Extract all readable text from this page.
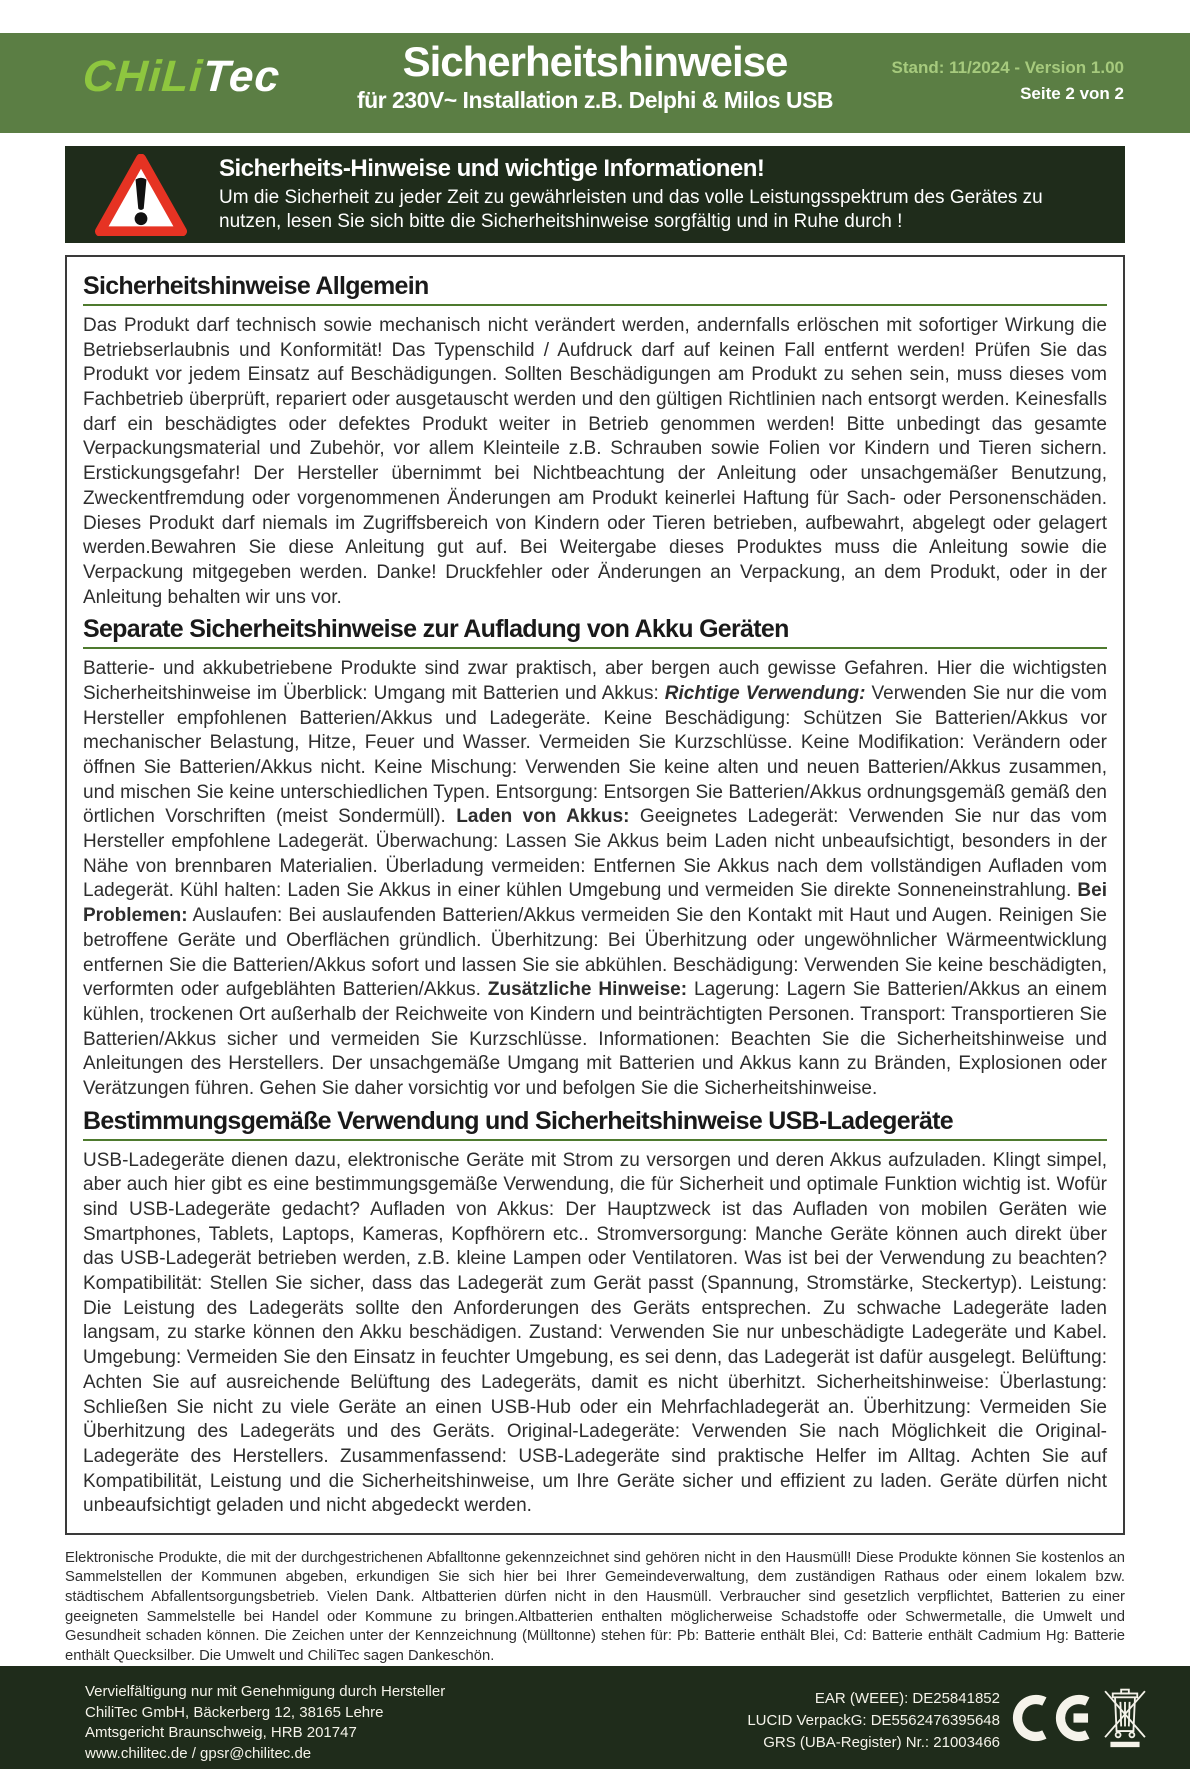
CHiLiTec	Sicherheitshinweise
für 230V~ Installation z.B. Delphi & Milos USB
Stand: 11/2024 - Version 1.00
Seite 2 von 2

Sicherheits-Hinweise und wichtige Informationen!

Um die Sicherheit zu jeder Zeit zu gewährleisten und das volle Leistungsspektrum des Gerätes zu nutzen, lesen Sie sich bitte die Sicherheitshinweise sorgfältig und in Ruhe durch !

Sicherheitshinweise Allgemein

Das Produkt darf technisch sowie mechanisch nicht verändert werden, andernfalls erlöschen mit sofortiger Wirkung die Betriebserlaubnis und Konformität! Das Typenschild / Aufdruck darf auf keinen Fall entfernt werden! Prüfen Sie das Produkt vor jedem Einsatz auf Beschädigungen. Sollten Beschädigungen am Produkt zu sehen sein, muss dieses vom Fachbetrieb überprüft, repariert oder ausgetauscht werden und den gültigen Richtlinien nach entsorgt werden. Keinesfalls darf ein beschädigtes oder defektes Produkt weiter in Betrieb genommen werden! Bitte unbedingt das gesamte Verpackungsmaterial und Zubehör, vor allem Kleinteile z.B. Schrauben sowie Folien vor Kindern und Tieren sichern. Erstickungsgefahr! Der Hersteller übernimmt bei Nichtbeachtung der Anleitung oder unsachgemäßer Benutzung, Zweckentfremdung oder vorgenommenen Änderungen am Produkt keinerlei Haftung für Sach- oder Personenschäden. Dieses Produkt darf niemals im Zugriffsbereich von Kindern oder Tieren betrieben, aufbewahrt, abgelegt oder gelagert werden.Bewahren Sie diese Anleitung gut auf. Bei Weitergabe dieses Produktes muss die Anleitung sowie die Verpackung mitgegeben werden. Danke! Druckfehler oder Änderungen an Verpackung, an dem Produkt, oder in der Anleitung behalten wir uns vor.

Separate Sicherheitshinweise zur Aufladung von Akku Geräten

Batterie- und akkubetriebene Produkte sind zwar praktisch, aber bergen auch gewisse Gefahren. Hier die wichtigsten Sicherheitshinweise im Überblick: Umgang mit Batterien und Akkus: Richtige Verwendung: Verwenden Sie nur die vom Hersteller empfohlenen Batterien/Akkus und Ladegeräte. Keine Beschädigung: Schützen Sie Batterien/Akkus vor mechanischer Belastung, Hitze, Feuer und Wasser. Vermeiden Sie Kurzschlüsse. Keine Modifikation: Verändern oder öffnen Sie Batterien/Akkus nicht. Keine Mischung: Verwenden Sie keine alten und neuen Batterien/Akkus zusammen, und mischen Sie keine unterschiedlichen Typen. Entsorgung: Entsorgen Sie Batterien/Akkus ordnungsgemäß gemäß den örtlichen Vorschriften (meist Sondermüll). Laden von Akkus: Geeignetes Ladegerät: Verwenden Sie nur das vom Hersteller empfohlene Ladegerät. Überwachung: Lassen Sie Akkus beim Laden nicht unbeaufsichtigt, besonders in der Nähe von brennbaren Materialien. Überladung vermeiden: Entfernen Sie Akkus nach dem vollständigen Aufladen vom Ladegerät. Kühl halten: Laden Sie Akkus in einer kühlen Umgebung und vermeiden Sie direkte Sonneneinstrahlung. Bei Problemen: Auslaufen: Bei auslaufenden Batterien/Akkus vermeiden Sie den Kontakt mit Haut und Augen. Reinigen Sie betroffene Geräte und Oberflächen gründlich. Überhitzung: Bei Überhitzung oder ungewöhnlicher Wärmeentwicklung entfernen Sie die Batterien/Akkus sofort und lassen Sie sie abkühlen. Beschädigung: Verwenden Sie keine beschädigten, verformten oder aufgeblähten Batterien/Akkus. Zusätzliche Hinweise: Lagerung: Lagern Sie Batterien/Akkus an einem kühlen, trockenen Ort außerhalb der Reichweite von Kindern und beinträchtigten Personen. Transport: Transportieren Sie Batterien/Akkus sicher und vermeiden Sie Kurzschlüsse. Informationen: Beachten Sie die Sicherheitshinweise und Anleitungen des Herstellers. Der unsachgemäße Umgang mit Batterien und Akkus kann zu Bränden, Explosionen oder Verätzungen führen. Gehen Sie daher vorsichtig vor und befolgen Sie die Sicherheitshinweise.

Bestimmungsgemäße Verwendung und Sicherheitshinweise USB-Ladegeräte

USB-Ladegeräte dienen dazu, elektronische Geräte mit Strom zu versorgen und deren Akkus aufzuladen. Klingt simpel, aber auch hier gibt es eine bestimmungsgemäße Verwendung, die für Sicherheit und optimale Funktion wichtig ist. Wofür sind USB-Ladegeräte gedacht? Aufladen von Akkus: Der Hauptzweck ist das Aufladen von mobilen Geräten wie Smartphones, Tablets, Laptops, Kameras, Kopfhörern etc.. Stromversorgung: Manche Geräte können auch direkt über das USB-Ladegerät betrieben werden, z.B. kleine Lampen oder Ventilatoren. Was ist bei der Verwendung zu beachten? Kompatibilität: Stellen Sie sicher, dass das Ladegerät zum Gerät passt (Spannung, Stromstärke, Steckertyp). Leistung: Die Leistung des Ladegeräts sollte den Anforderungen des Geräts entsprechen. Zu schwache Ladegeräte laden langsam, zu starke können den Akku beschädigen. Zustand: Verwenden Sie nur unbeschädigte Ladegeräte und Kabel. Umgebung: Vermeiden Sie den Einsatz in feuchter Umgebung, es sei denn, das Ladegerät ist dafür ausgelegt. Belüftung: Achten Sie auf ausreichende Belüftung des Ladegeräts, damit es nicht überhitzt. Sicherheitshinweise: Überlastung: Schließen Sie nicht zu viele Geräte an einen USB-Hub oder ein Mehrfachladegerät an. Überhitzung: Vermeiden Sie Überhitzung des Ladegeräts und des Geräts. Original-Ladegeräte: Verwenden Sie nach Möglichkeit die Original-Ladegeräte des Herstellers. Zusammenfassend: USB-Ladegeräte sind praktische Helfer im Alltag. Achten Sie auf Kompatibilität, Leistung und die Sicherheitshinweise, um Ihre Geräte sicher und effizient zu laden. Geräte dürfen nicht unbeaufsichtigt geladen und nicht abgedeckt werden.

Elektronische Produkte, die mit der durchgestrichenen Abfalltonne gekennzeichnet sind gehören nicht in den Hausmüll! Diese Produkte können Sie kostenlos an Sammelstellen der Kommunen abgeben, erkundigen Sie sich hier bei Ihrer Gemeindeverwaltung, dem zuständigen Rathaus oder einem lokalem bzw. städtischem Abfallentsorgungsbetrieb. Vielen Dank. Altbatterien dürfen nicht in den Hausmüll. Verbraucher sind gesetzlich verpflichtet, Batterien zu einer geeigneten Sammelstelle bei Handel oder Kommune zu bringen.Altbatterien enthalten möglicherweise Schadstoffe oder Schwermetalle, die Umwelt und Gesundheit schaden können. Die Zeichen unter der Kennzeichnung (Mülltonne) stehen für: Pb: Batterie enthält Blei, Cd: Batterie enthält Cadmium Hg: Batterie enthält Quecksilber. Die Umwelt und ChiliTec sagen Dankeschön.

Vervielfältigung nur mit Genehmigung durch Hersteller
ChiliTec GmbH, Bäckerberg 12, 38165 Lehre
Amtsgericht Braunschweig, HRB 201747
www.chilitec.de / gpsr@chilitec.de
EAR (WEEE): DE25841852
LUCID VerpackG: DE5562476395648
GRS (UBA-Register) Nr.: 21003466
